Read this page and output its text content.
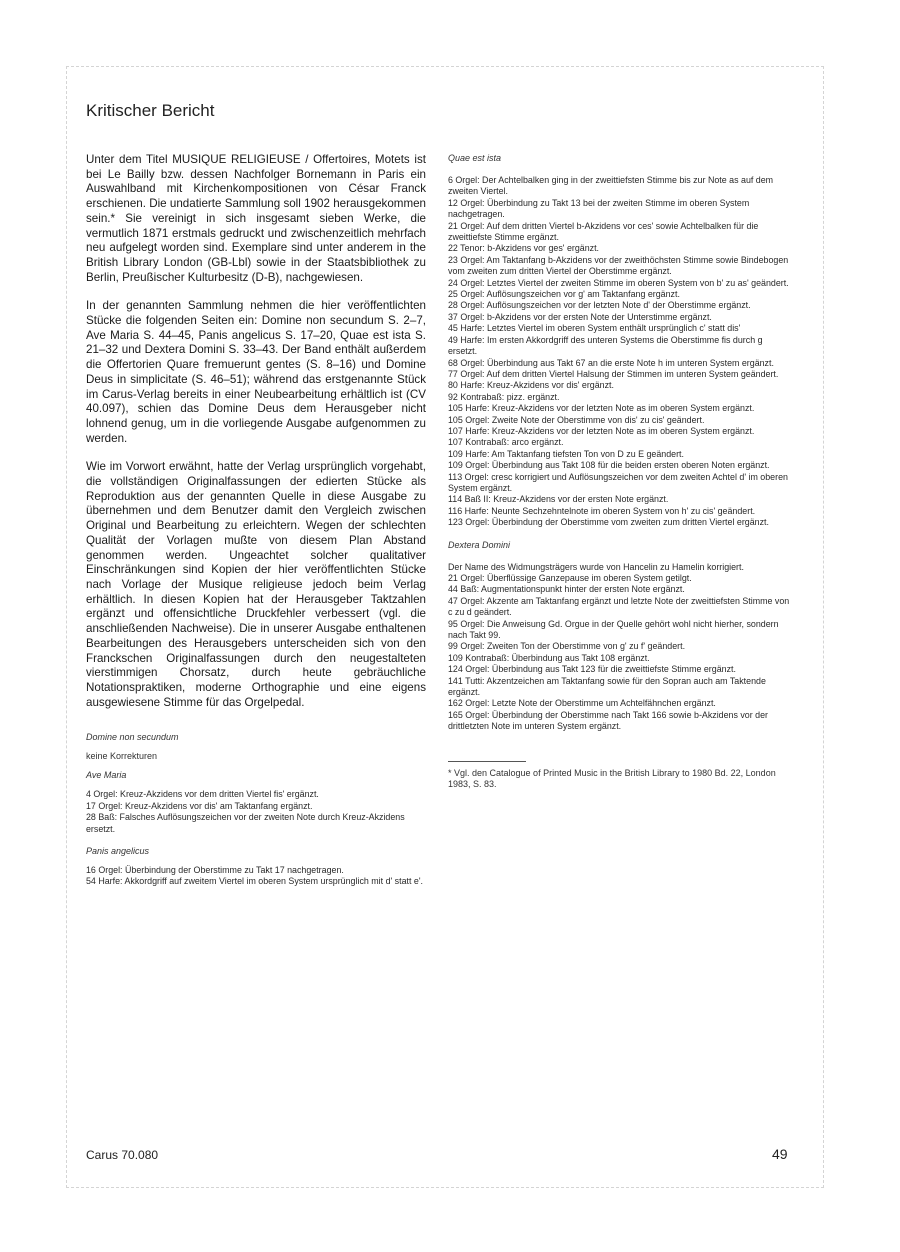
Kritischer Bericht

Unter dem Titel MUSIQUE RELIGIEUSE / Offertoires, Motets ist bei Le Bailly bzw. dessen Nachfolger Bornemann in Paris ein Auswahlband mit Kirchenkompositionen von César Franck erschienen. Die undatierte Sammlung soll 1902 herausgekommen sein.* Sie vereinigt in sich insgesamt sieben Werke, die vermutlich 1871 erstmals gedruckt und zwischenzeitlich mehrfach neu aufgelegt worden sind. Exemplare sind unter anderem in the British Library London (GB-Lbl) sowie in der Staatsbibliothek zu Berlin, Preußischer Kulturbesitz (D-B), nachgewiesen.

In der genannten Sammlung nehmen die hier veröffentlichten Stücke die folgenden Seiten ein: Domine non secundum S. 2–7, Ave Maria S. 44–45, Panis angelicus S. 17–20, Quae est ista S. 21–32 und Dextera Domini S. 33–43. Der Band enthält außerdem die Offertorien Quare fremuerunt gentes (S. 8–16) und Domine Deus in simplicitate (S. 46–51); während das erstgenannte Stück im Carus-Verlag bereits in einer Neubearbeitung erhältlich ist (CV 40.097), schien das Domine Deus dem Herausgeber nicht lohnend genug, um in die vorliegende Ausgabe aufgenommen zu werden.

Wie im Vorwort erwähnt, hatte der Verlag ursprünglich vorgehabt, die vollständigen Originalfassungen der edierten Stücke als Reproduktion aus der genannten Quelle in diese Ausgabe zu übernehmen und dem Benutzer damit den Vergleich zwischen Original und Bearbeitung zu erleichtern. Wegen der schlechten Qualität der Vorlagen mußte von diesem Plan Abstand genommen werden. Ungeachtet solcher qualitativer Einschränkungen sind Kopien der hier veröffentlichten Stücke nach Vorlage der Musique religieuse jedoch beim Verlag erhältlich. In diesen Kopien hat der Herausgeber Taktzahlen ergänzt und offensichtliche Druckfehler verbessert (vgl. die anschließenden Nachweise). Die in unserer Ausgabe enthaltenen Bearbeitungen des Herausgebers unterscheiden sich von den Franckschen Originalfassungen durch den neugestalteten vierstimmigen Chorsatz, durch heute gebräuchliche Notationspraktiken, moderne Orthographie und eine eigens ausgewiesene Stimme für das Orgelpedal.

Domine non secundum
keine Korrekturen
Ave Maria
4 Orgel: Kreuz-Akzidens vor dem dritten Viertel fis' ergänzt.
17 Orgel: Kreuz-Akzidens vor dis' am Taktanfang ergänzt.
28 Baß: Falsches Auflösungszeichen vor der zweiten Note durch Kreuz-Akzidens ersetzt.
Panis angelicus
16 Orgel: Überbindung der Oberstimme zu Takt 17 nachgetragen.
54 Harfe: Akkordgriff auf zweitem Viertel im oberen System ursprünglich mit d' statt e'.
Quae est ista
6 Orgel: Der Achtelbalken ging in der zweittiefsten Stimme bis zur Note as auf dem zweiten Viertel.
12 Orgel: Überbindung zu Takt 13 bei der zweiten Stimme im oberen System nachgetragen.
21 Orgel: Auf dem dritten Viertel b-Akzidens vor ces' sowie Achtelbalken für die zweittiefste Stimme ergänzt.
22 Tenor: b-Akzidens vor ges' ergänzt.
23 Orgel: Am Taktanfang b-Akzidens vor der zweithöchsten Stimme sowie Bindebogen vom zweiten zum dritten Viertel der Oberstimme ergänzt.
24 Orgel: Letztes Viertel der zweiten Stimme im oberen System von b' zu as' geändert.
25 Orgel: Auflösungszeichen vor g' am Taktanfang ergänzt.
28 Orgel: Auflösungszeichen vor der letzten Note d' der Oberstimme ergänzt.
37 Orgel: b-Akzidens vor der ersten Note der Unterstimme ergänzt.
45 Harfe: Letztes Viertel im oberen System enthält ursprünglich c' statt dis'
49 Harfe: Im ersten Akkordgriff des unteren Systems die Oberstimme fis durch g ersetzt.
68 Orgel: Überbindung aus Takt 67 an die erste Note h im unteren System ergänzt.
77 Orgel: Auf dem dritten Viertel Halsung der Stimmen im unteren System geändert.
80 Harfe: Kreuz-Akzidens vor dis' ergänzt.
92 Kontrabaß: pizz. ergänzt.
105 Harfe: Kreuz-Akzidens vor der letzten Note as im oberen System ergänzt.
105 Orgel: Zweite Note der Oberstimme von dis' zu cis' geändert.
107 Harfe: Kreuz-Akzidens vor der letzten Note as im oberen System ergänzt.
107 Kontrabaß: arco ergänzt.
109 Harfe: Am Taktanfang tiefsten Ton von D zu E geändert.
109 Orgel: Überbindung aus Takt 108 für die beiden ersten oberen Noten ergänzt.
113 Orgel: cresc korrigiert und Auflösungszeichen vor dem zweiten Achtel d' im oberen System ergänzt.
114 Baß II: Kreuz-Akzidens vor der ersten Note ergänzt.
116 Harfe: Neunte Sechzehntelnote im oberen System von h' zu cis' geändert.
123 Orgel: Überbindung der Oberstimme vom zweiten zum dritten Viertel ergänzt.
Dextera Domini
Der Name des Widmungsträgers wurde von Hancelin zu Hamelin korrigiert.
21 Orgel: Überflüssige Ganzepause im oberen System getilgt.
44 Baß: Augmentationspunkt hinter der ersten Note ergänzt.
47 Orgel: Akzente am Taktanfang ergänzt und letzte Note der zweittiefsten Stimme von c zu d geändert.
95 Orgel: Die Anweisung Gd. Orgue in der Quelle gehört wohl nicht hierher, sondern nach Takt 99.
99 Orgel: Zweiten Ton der Oberstimme von g' zu f' geändert.
109 Kontrabaß: Überbindung aus Takt 108 ergänzt.
124 Orgel: Überbindung aus Takt 123 für die zweittiefste Stimme ergänzt.
141 Tutti: Akzentzeichen am Taktanfang sowie für den Sopran auch am Taktende ergänzt.
162 Orgel: Letzte Note der Oberstimme um Achtelfähnchen ergänzt.
165 Orgel: Überbindung der Oberstimme nach Takt 166 sowie b-Akzidens vor der drittletzten Note im unteren System ergänzt.

* Vgl. den Catalogue of Printed Music in the British Library to 1980 Bd. 22, London 1983, S. 83.

Carus 70.080	49
